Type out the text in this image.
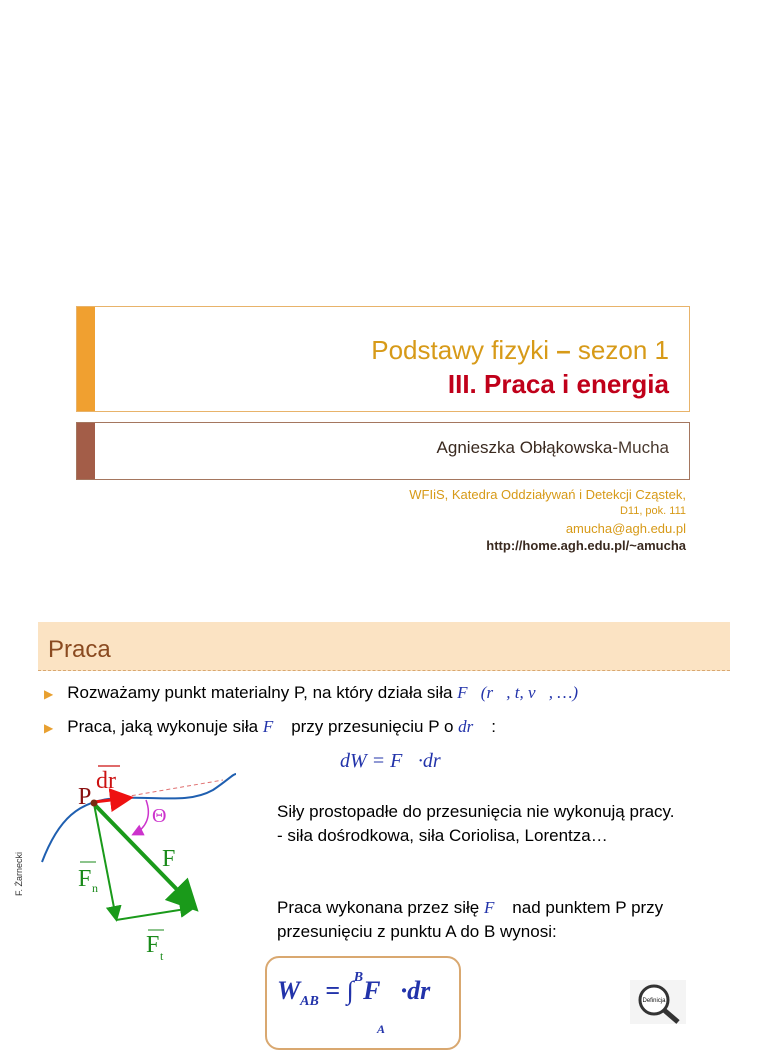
Podstawy fizyki – sezon 1
III. Praca i energia
Agnieszka Obłąkowska-Mucha
WFIiS, Katedra Oddziaływań i Detekcji Cząstek,
D11, pok. 111
amucha@agh.edu.pl
http://home.agh.edu.pl/~amucha
Praca
▶ Rozważamy punkt materialny P, na który działa siła F⃗(r⃗, t, v⃗, …)
▶ Praca, jaką wykonuje siła F⃗ przy przesunięciu P o dr⃗ :
dW = F⃗·dr⃗
P
dr
Θ
F
F n
F t
F. Żarnecki
Siły prostopadłe do przesunięcia nie wykonują pracy.
- siła dośrodkowa, siła Coriolisa, Lorentza…
Praca wykonana przez siłę F⃗ nad punktem P przy przesunięciu z punktu A do B wynosi:
$W_{AB}$ = ∫$^B$F⃗·dr⃗
A
Definicja
